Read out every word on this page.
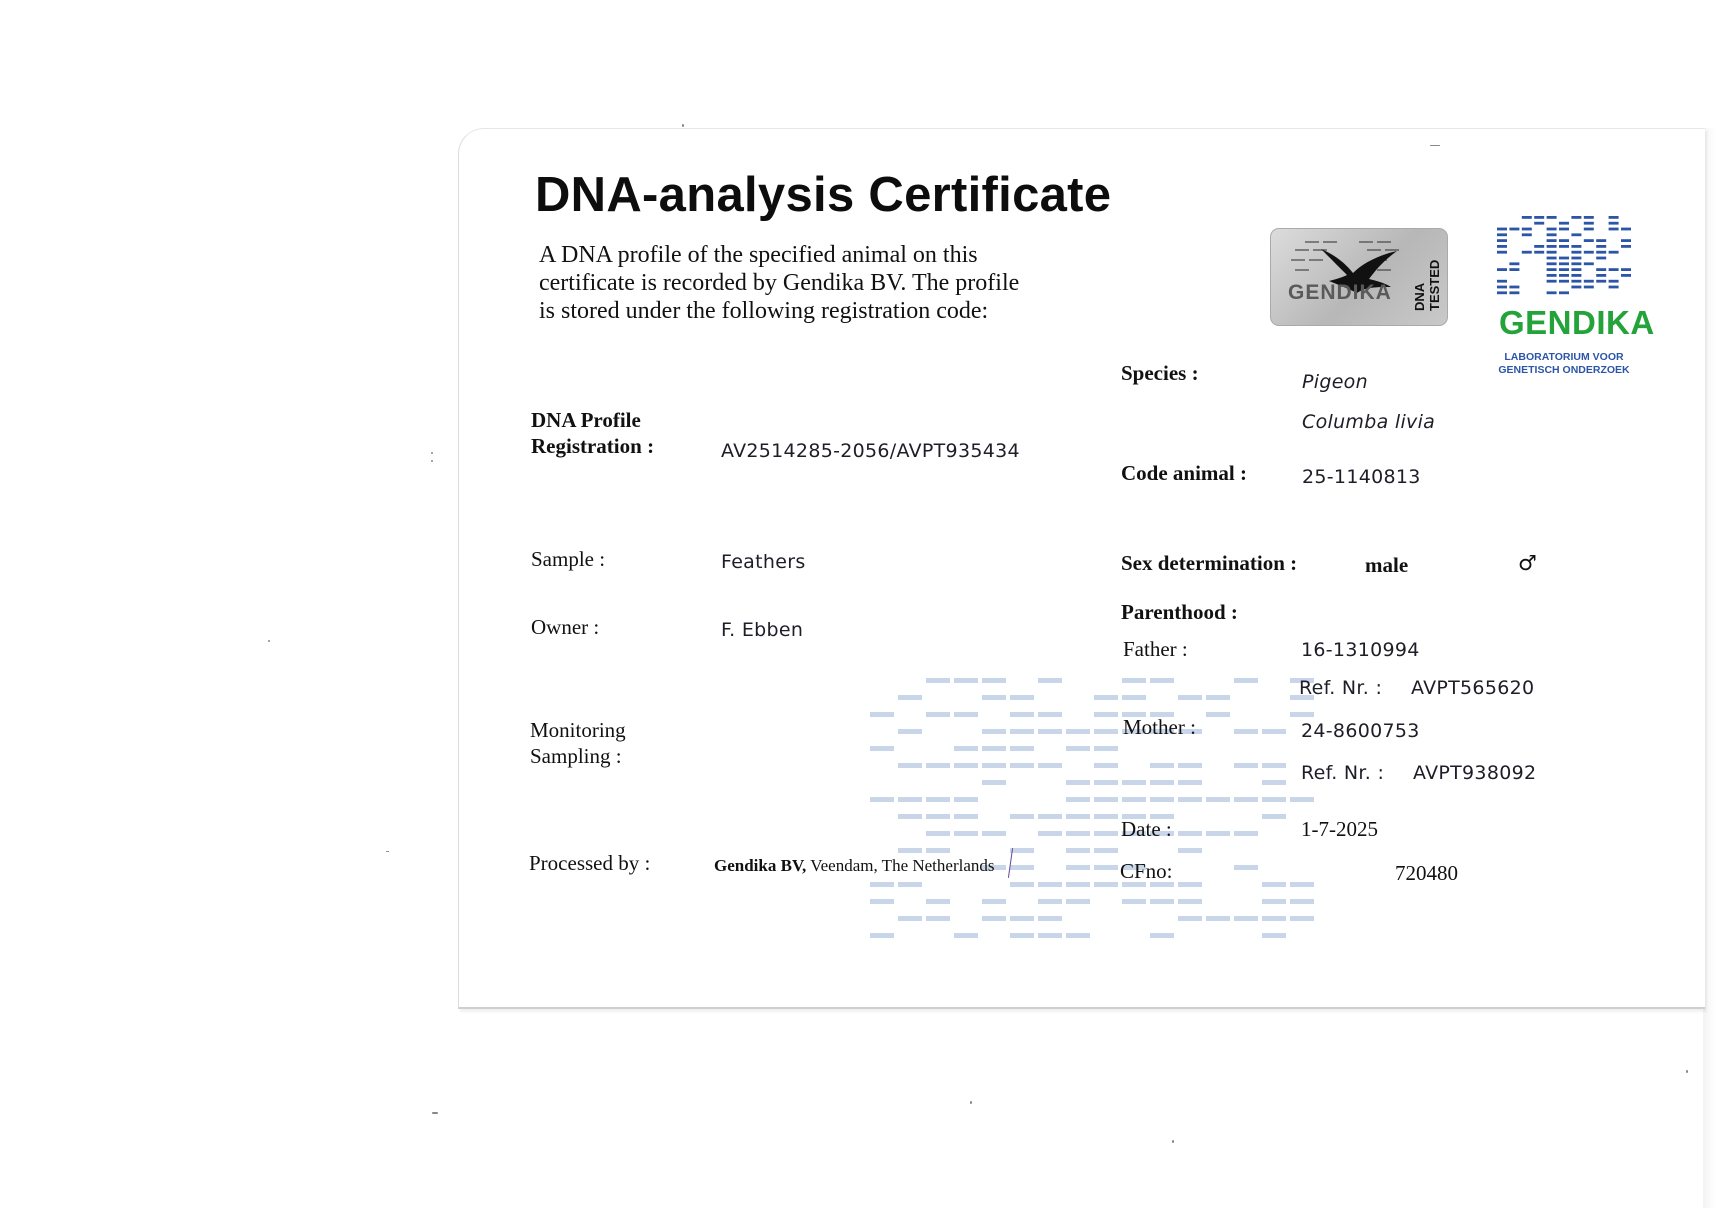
DNA-analysis Certificate
A DNA profile of the specified animal on this certificate is recorded by Gendika BV. The profile is stored under the following registration code:
GENDIKA DNA TESTED
GENDIKA
LABORATORIUM VOOR GENETISCH ONDERZOEK
DNA Profile
Registration :	AV2514285-2056/AVPT935434
Sample :	Feathers
Owner :	F. Ebben
Monitoring
Sampling :
Processed by :	Gendika BV, Veendam, The Netherlands
Species :	Pigeon
Columba livia
Code animal :	25-1140813
Sex determination :	male	♂
Parenthood :
Father :	16-1310994
Ref. Nr. : AVPT565620
Mother :	24-8600753
Ref. Nr. : AVPT938092
Date :	1-7-2025
CFno:	720480
